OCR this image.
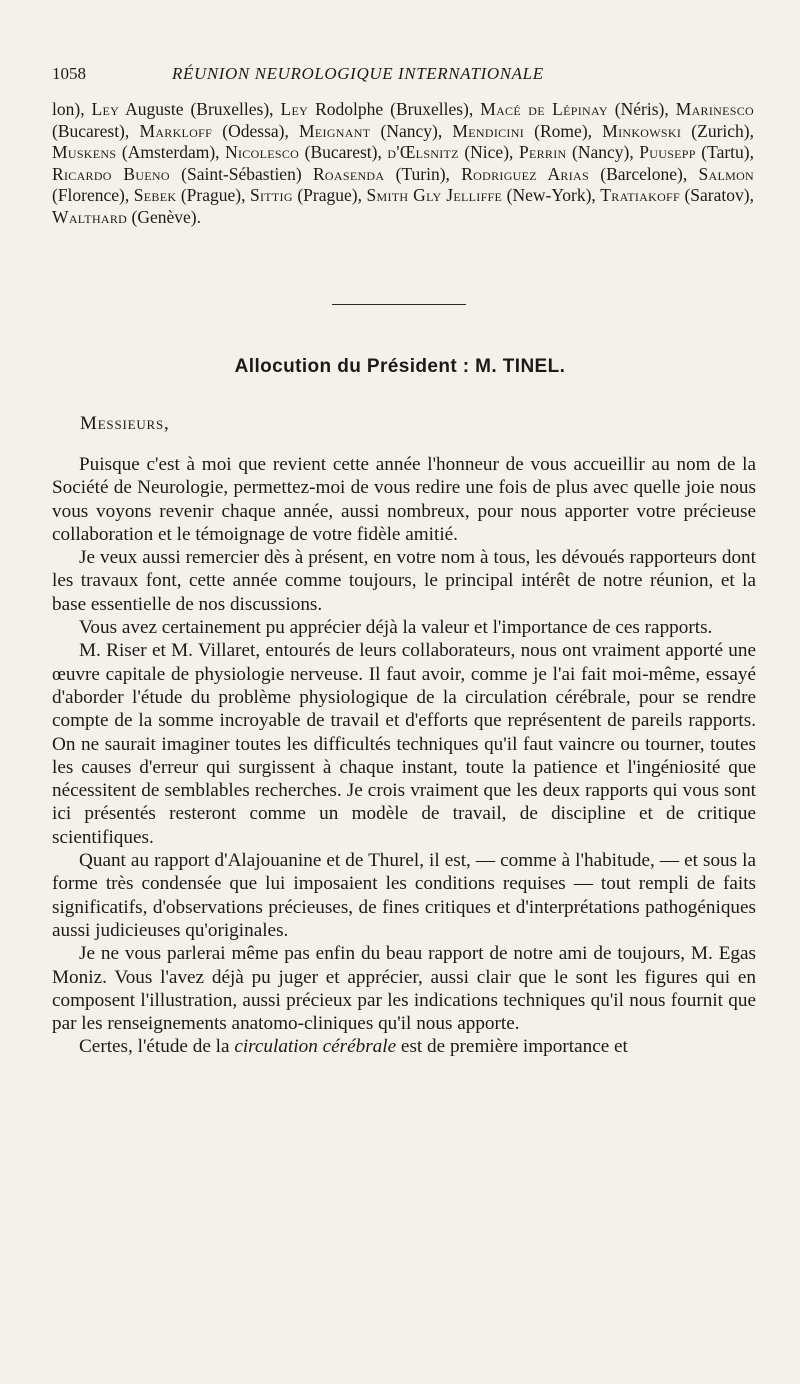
1058	RÉUNION NEUROLOGIQUE INTERNATIONALE
lon), Ley Auguste (Bruxelles), Ley Rodolphe (Bruxelles), Macé de Lépinay (Néris), Marinesco (Bucarest), Markloff (Odessa), Meignant (Nancy), Mendicini (Rome), Minkowski (Zurich), Muskens (Amsterdam), Nicolesco (Bucarest), d'Œlsnitz (Nice), Perrin (Nancy), Puusepp (Tartu), Ricardo Bueno (Saint-Sébastien) Roasenda (Turin), Rodriguez Arias (Barcelone), Salmon (Florence), Sebek (Prague), Sittig (Prague), Smith Gly Jelliffe (New-York), Tratiakoff (Saratov), Walthard (Genève).
Allocution du Président : M. TINEL.
Messieurs,

Puisque c'est à moi que revient cette année l'honneur de vous accueillir au nom de la Société de Neurologie, permettez-moi de vous redire une fois de plus avec quelle joie nous vous voyons revenir chaque année, aussi nombreux, pour nous apporter votre précieuse collaboration et le témoignage de votre fidèle amitié.

Je veux aussi remercier dès à présent, en votre nom à tous, les dévoués rapporteurs dont les travaux font, cette année comme toujours, le principal intérêt de notre réunion, et la base essentielle de nos discussions.

Vous avez certainement pu apprécier déjà la valeur et l'importance de ces rapports.

M. Riser et M. Villaret, entourés de leurs collaborateurs, nous ont vraiment apporté une œuvre capitale de physiologie nerveuse. Il faut avoir, comme je l'ai fait moi-même, essayé d'aborder l'étude du problème physiologique de la circulation cérébrale, pour se rendre compte de la somme incroyable de travail et d'efforts que représentent de pareils rapports. On ne saurait imaginer toutes les difficultés techniques qu'il faut vaincre ou tourner, toutes les causes d'erreur qui surgissent à chaque instant, toute la patience et l'ingéniosité que nécessitent de semblables recherches. Je crois vraiment que les deux rapports qui vous sont ici présentés resteront comme un modèle de travail, de discipline et de critique scientifiques.

Quant au rapport d'Alajouanine et de Thurel, il est, — comme à l'habitude, — et sous la forme très condensée que lui imposaient les conditions requises — tout rempli de faits significatifs, d'observations précieuses, de fines critiques et d'interprétations pathogéniques aussi judicieuses qu'originales.

Je ne vous parlerai même pas enfin du beau rapport de notre ami de toujours, M. Egas Moniz. Vous l'avez déjà pu juger et apprécier, aussi clair que le sont les figures qui en composent l'illustration, aussi précieux par les indications techniques qu'il nous fournit que par les renseignements anatomo-cliniques qu'il nous apporte.

Certes, l'étude de la circulation cérébrale est de première importance et
